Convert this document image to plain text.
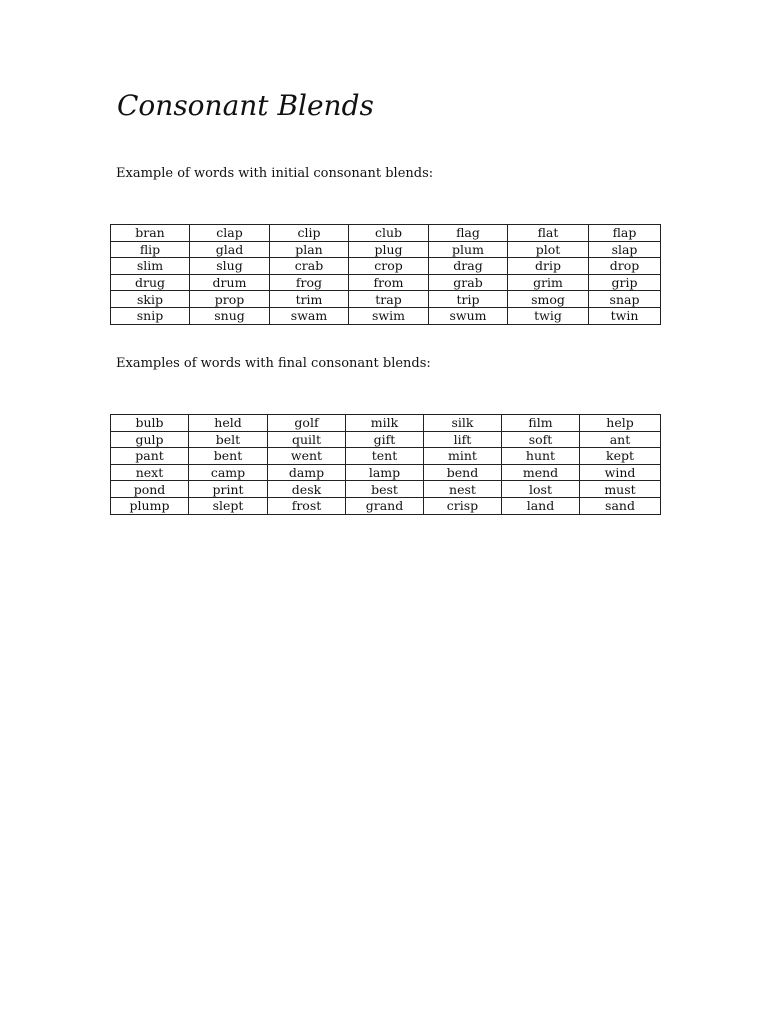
Consonant Blends

Example of words with initial consonant blends:

bran	clap	clip	club	flag	flat	flap
flip	glad	plan	plug	plum	plot	slap
slim	slug	crab	crop	drag	drip	drop
drug	drum	frog	from	grab	grim	grip
skip	prop	trim	trap	trip	smog	snap
snip	snug	swam	swim	swum	twig	twin

Examples of words with final consonant blends:

bulb	held	golf	milk	silk	film	help
gulp	belt	quilt	gift	lift	soft	ant
pant	bent	went	tent	mint	hunt	kept
next	camp	damp	lamp	bend	mend	wind
pond	print	desk	best	nest	lost	must
plump	slept	frost	grand	crisp	land	sand
